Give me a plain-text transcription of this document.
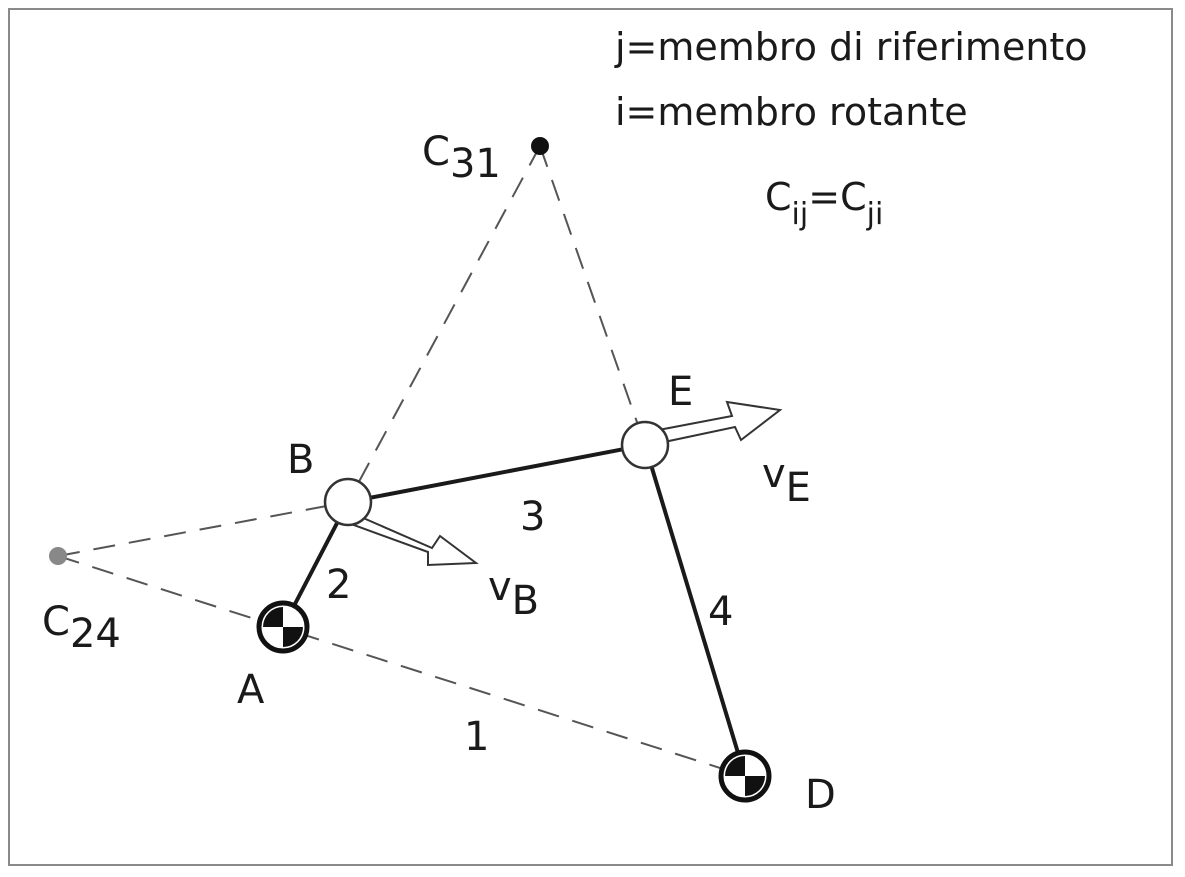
j=membro di riferimento
i=membro rotante
$C_{ij}=C_{ji}$
C31
C24
B
E
A
D
1
2
3
4
vB
vE
